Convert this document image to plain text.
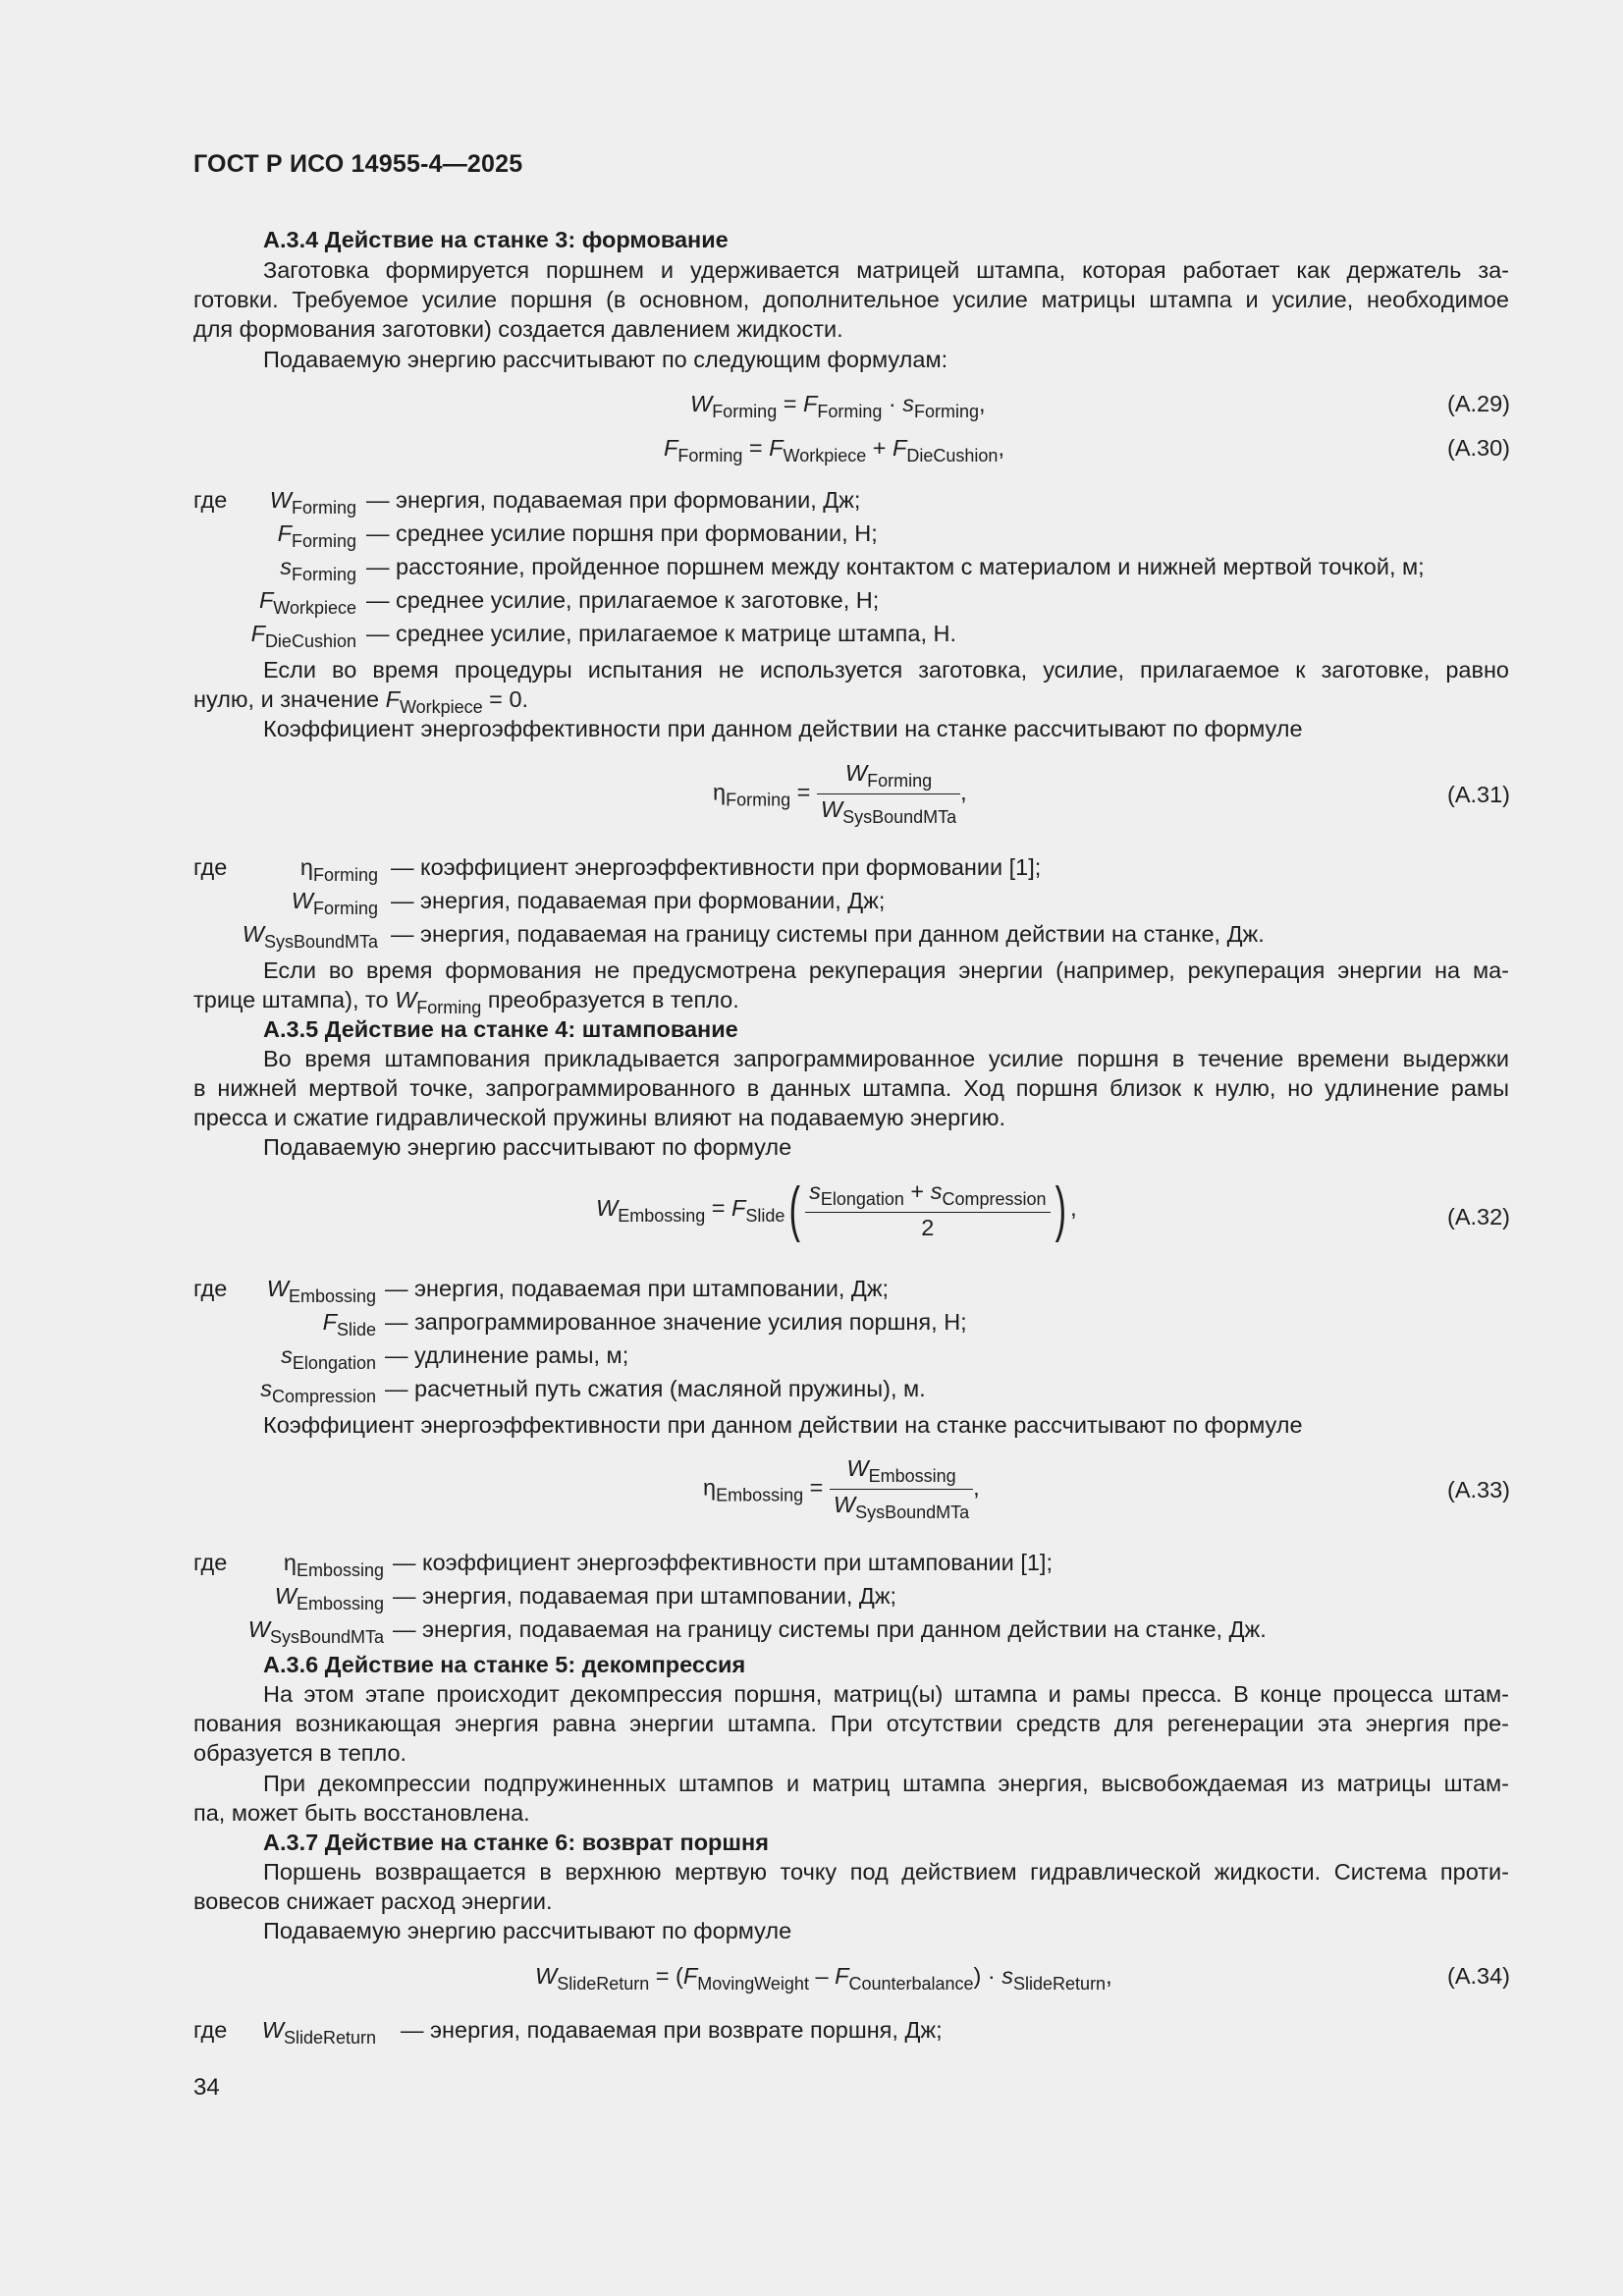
ГОСТ Р ИСО 14955-4—2025
А.3.4 Действие на станке 3: формование
Заготовка формируется поршнем и удерживается матрицей штампа, которая работает как держатель за-
готовки. Требуемое усилие поршня (в основном, дополнительное усилие матрицы штампа и усилие, необходимое
для формования заготовки) создается давлением жидкости.
Подаваемую энергию рассчитывают по следующим формулам:
$W_{Forming} = F_{Forming} \cdot s_{Forming}$,	(A.29)
$F_{Forming} = F_{Workpiece} + F_{DieCushion}$,	(A.30)
где $W_{Forming}$ — энергия, подаваемая при формовании, Дж;
$F_{Forming}$ — среднее усилие поршня при формовании, Н;
$s_{Forming}$ — расстояние, пройденное поршнем между контактом с материалом и нижней мертвой точкой, м;
$F_{Workpiece}$ — среднее усилие, прилагаемое к заготовке, Н;
$F_{DieCushion}$ — среднее усилие, прилагаемое к матрице штампа, Н.
Если во время процедуры испытания не используется заготовка, усилие, прилагаемое к заготовке, равно
нулю, и значение $F_{Workpiece} = 0$.
Коэффициент энергоэффективности при данном действии на станке рассчитывают по формуле
$\eta_{Forming} = \frac{W_{Forming}}{W_{SysBoundMTa}}$ ,	(A.31)
где	$\eta_{Forming}$ — коэффициент энергоэффективности при формовании [1];
$W_{Forming}$ — энергия, подаваемая при формовании, Дж;
$W_{SysBoundMTa}$ — энергия, подаваемая на границу системы при данном действии на станке, Дж.
Если во время формования не предусмотрена рекуперация энергии (например, рекуперация энергии на ма-
трице штампа), то $W_{Forming}$ преобразуется в тепло.
А.3.5 Действие на станке 4: штампование
Во время штампования прикладывается запрограммированное усилие поршня в течение времени выдержки
в нижней мертвой точке, запрограммированного в данных штампа. Ход поршня близок к нулю, но удлинение рамы
пресса и сжатие гидравлической пружины влияют на подаваемую энергию.
Подаваемую энергию рассчитывают по формуле
$W_{Embossing} = F_{Slide}( \frac{s_{Elongation} + s_{Compression}}{2}$ ) ,	(A.32)
где $W_{Embossing}$ — энергия, подаваемая при штамповании, Дж;
$F_{Slide}$ — запрограммированное значение усилия поршня, Н;
$s_{Elongation}$ — удлинение рамы, м;
$s_{Compression}$ — расчетный путь сжатия (масляной пружины), м.
Коэффициент энергоэффективности при данном действии на станке рассчитывают по формуле
$\eta_{Embossing} = \frac{W_{Embossing}}{W_{SysBoundMTa}}$ ,	(A.33)
где $\eta_{Embossing}$ — коэффициент энергоэффективности при штамповании [1];
$W_{Embossing}$ — энергия, подаваемая при штамповании, Дж;
$W_{SysBoundMTa}$ — энергия, подаваемая на границу системы при данном действии на станке, Дж.
А.3.6 Действие на станке 5: декомпрессия
На этом этапе происходит декомпрессия поршня, матриц(ы) штампа и рамы пресса. В конце процесса штам-
пования возникающая энергия равна энергии штампа. При отсутствии средств для регенерации эта энергия пре-
образуется в тепло.
При декомпрессии подпружиненных штампов и матриц штампа энергия, высвобождаемая из матрицы штам-
па, может быть восстановлена.
А.3.7 Действие на станке 6: возврат поршня
Поршень возвращается в верхнюю мертвую точку под действием гидравлической жидкости. Система проти-
вовесов снижает расход энергии.
Подаваемую энергию рассчитывают по формуле
$W_{SlideReturn} = (F_{MovingWeight} - F_{Counterbalance}) \cdot s_{SlideReturn}$,	(A.34)
где $W_{SlideReturn}$ — энергия, подаваемая при возврате поршня, Дж;
34
